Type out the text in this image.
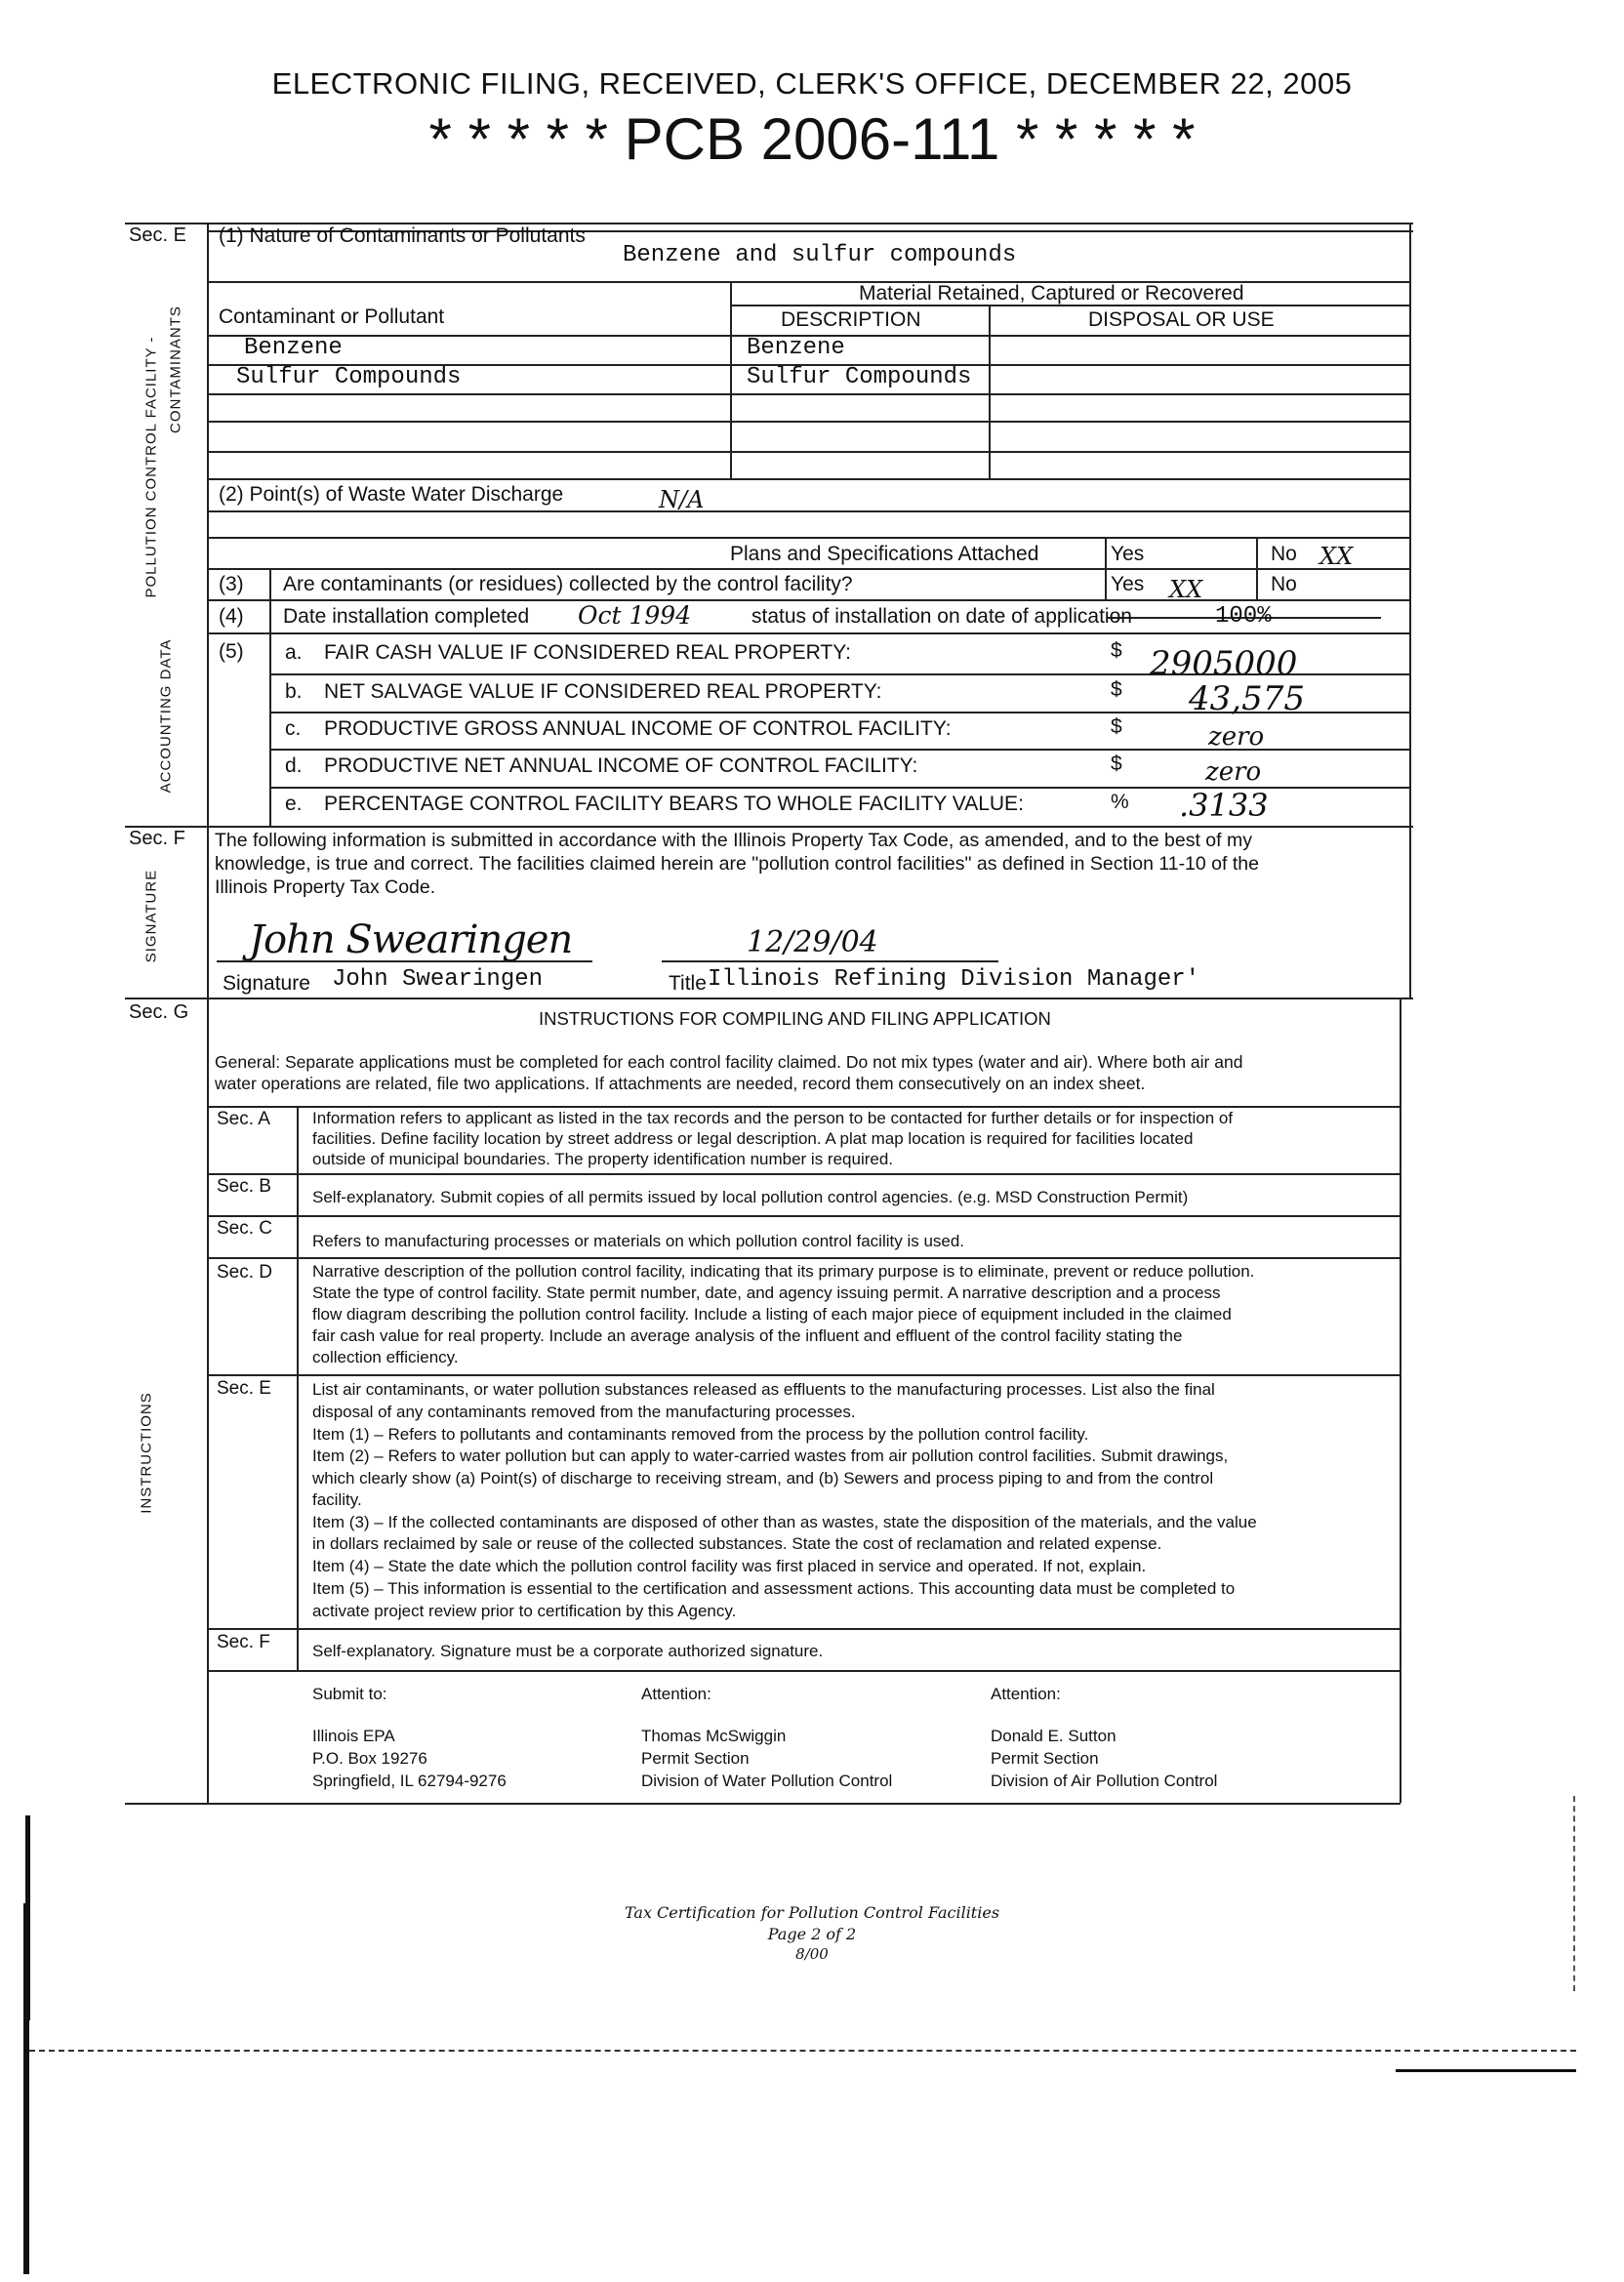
ELECTRONIC FILING, RECEIVED, CLERK'S OFFICE, DECEMBER 22, 2005
* * * * * PCB 2006-111 * * * * *
Sec. E
POLLUTION CONTROL FACILITY - CONTAMINANTS
ACCOUNTING DATA
(1) Nature of Contaminants or Pollutants
Benzene and sulfur compounds
Material Retained, Captured or Recovered
Contaminant or Pollutant	DESCRIPTION	DISPOSAL OR USE
Benzene	Benzene
Sulfur Compounds	Sulfur Compounds
(2) Point(s) of Waste Water Discharge	N/A
Plans and Specifications Attached	Yes	No XX
(3) Are contaminants (or residues) collected by the control facility?	Yes XX	No
(4) Date installation completed Oct 1994	status of installation on date of application	100%
(5) a. FAIR CASH VALUE IF CONSIDERED REAL PROPERTY:	$ 2905000
b. NET SALVAGE VALUE IF CONSIDERED REAL PROPERTY:	$ 43,575
c. PRODUCTIVE GROSS ANNUAL INCOME OF CONTROL FACILITY:	$	zero
d. PRODUCTIVE NET ANNUAL INCOME OF CONTROL FACILITY:	$	zero
e. PERCENTAGE CONTROL FACILITY BEARS TO WHOLE FACILITY VALUE:	% .3133
Sec. F
SIGNATURE
The following information is submitted in accordance with the Illinois Property Tax Code, as amended, and to the best of my
knowledge, is true and correct. The facilities claimed herein are "pollution control facilities" as defined in Section 11-10 of the
Illinois Property Tax Code.
John Swearingen	12/29/04
Signature John Swearingen	Title Illinois Refining Division Manager'
Sec. G
INSTRUCTIONS
INSTRUCTIONS FOR COMPILING AND FILING APPLICATION
General: Separate applications must be completed for each control facility claimed. Do not mix types (water and air). Where both air and
water operations are related, file two applications. If attachments are needed, record them consecutively on an index sheet.
Sec. A	Information refers to applicant as listed in the tax records and the person to be contacted for further details or for inspection of
facilities. Define facility location by street address or legal description. A plat map location is required for facilities located
outside of municipal boundaries. The property identification number is required.
Sec. B
Self-explanatory. Submit copies of all permits issued by local pollution control agencies. (e.g. MSD Construction Permit)
Sec. C
Refers to manufacturing processes or materials on which pollution control facility is used.
Sec. D Narrative description of the pollution control facility, indicating that its primary purpose is to eliminate, prevent or reduce pollution.
State the type of control facility. State permit number, date, and agency issuing permit. A narrative description and a process
flow diagram describing the pollution control facility. Include a listing of each major piece of equipment included in the claimed
fair cash value for real property. Include an average analysis of the influent and effluent of the control facility stating the
collection efficiency.
Sec. E List air contaminants, or water pollution substances released as effluents to the manufacturing processes. List also the final
disposal of any contaminants removed from the manufacturing processes.
Item (1) – Refers to pollutants and contaminants removed from the process by the pollution control facility.
Item (2) – Refers to water pollution but can apply to water-carried wastes from air pollution control facilities. Submit drawings,
which clearly show (a) Point(s) of discharge to receiving stream, and (b) Sewers and process piping to and from the control
facility.
Item (3) – If the collected contaminants are disposed of other than as wastes, state the disposition of the materials, and the value
in dollars reclaimed by sale or reuse of the collected substances. State the cost of reclamation and related expense.
Item (4) – State the date which the pollution control facility was first placed in service and operated. If not, explain.
Item (5) – This information is essential to the certification and assessment actions. This accounting data must be completed to
activate project review prior to certification by this Agency.
Sec. F	Self-explanatory. Signature must be a corporate authorized signature.
Submit to:
Illinois EPA
P.O. Box 19276
Springfield, IL 62794-9276
Attention:
Thomas McSwiggin
Permit Section
Division of Water Pollution Control
Attention:
Donald E. Sutton
Permit Section
Division of Air Pollution Control
Tax Certification for Pollution Control Facilities
Page 2 of 2
8/00
